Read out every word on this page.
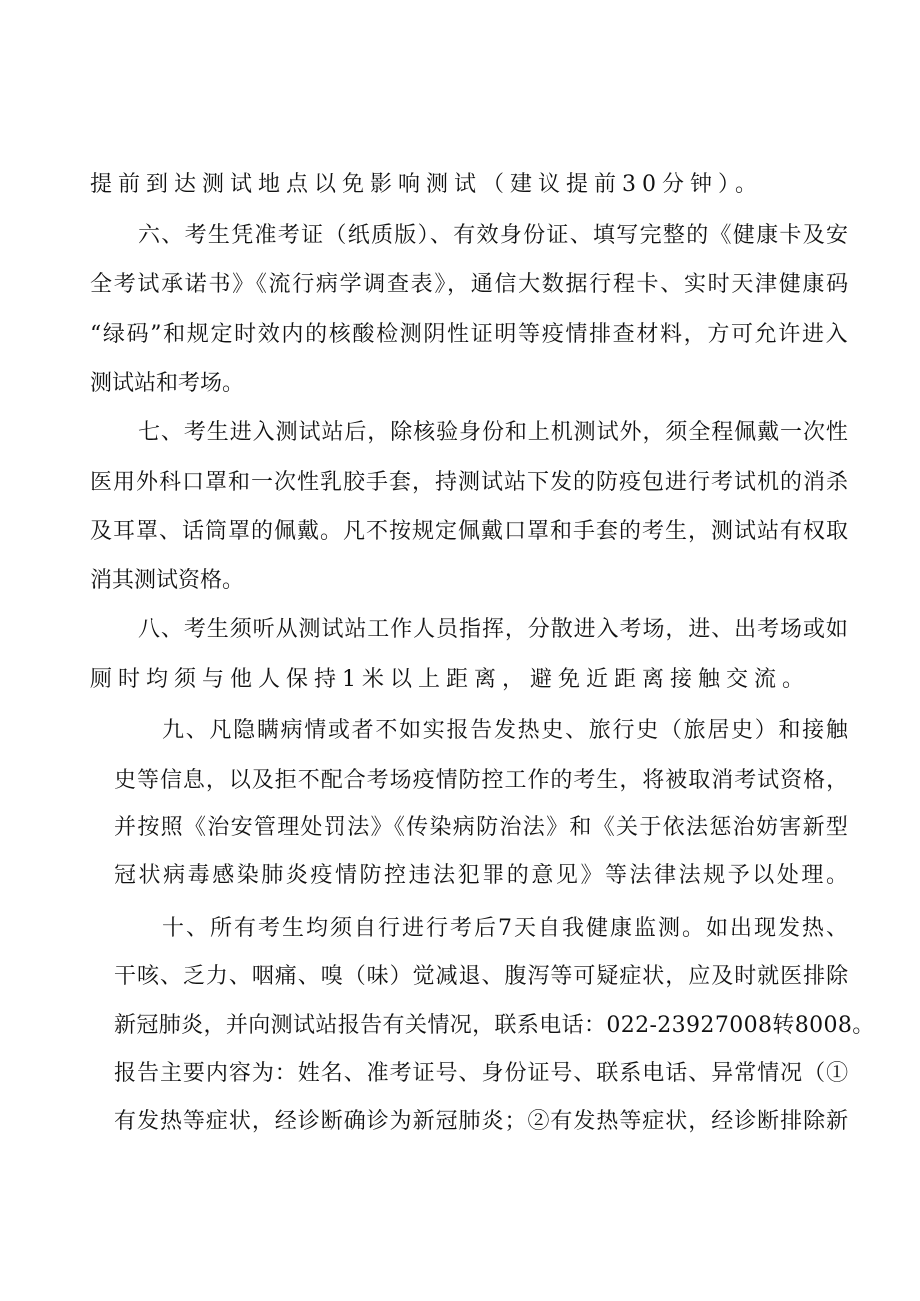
提前到达测试地点以免影响测试（建议提前30分钟）。
六、考生凭准考证（纸质版）、有效身份证、填写完整的《健康卡及安
全考试承诺书》《流行病学调查表》，通信大数据行程卡、实时天津健康码
“绿码”和规定时效内的核酸检测阴性证明等疫情排查材料，方可允许进入
测试站和考场。
七、考生进入测试站后，除核验身份和上机测试外，须全程佩戴一次性
医用外科口罩和一次性乳胶手套，持测试站下发的防疫包进行考试机的消杀
及耳罩、话筒罩的佩戴。凡不按规定佩戴口罩和手套的考生，测试站有权取
消其测试资格。
八、考生须听从测试站工作人员指挥，分散进入考场，进、出考场或如
厕时均须与他人保持1米以上距离，避免近距离接触交流。
九、凡隐瞒病情或者不如实报告发热史、旅行史（旅居史）和接触
史等信息，以及拒不配合考场疫情防控工作的考生，将被取消考试资格，
并按照《治安管理处罚法》《传染病防治法》和《关于依法惩治妨害新型
冠状病毒感染肺炎疫情防控违法犯罪的意见》等法律法规予以处理。
十、所有考生均须自行进行考后7天自我健康监测。如出现发热、
干咳、乏力、咽痛、嗅（味）觉减退、腹泻等可疑症状，应及时就医排除
新冠肺炎，并向测试站报告有关情况，联系电话：022-23927008转8008。
报告主要内容为：姓名、准考证号、身份证号、联系电话、异常情况（①
有发热等症状，经诊断确诊为新冠肺炎；②有发热等症状，经诊断排除新
